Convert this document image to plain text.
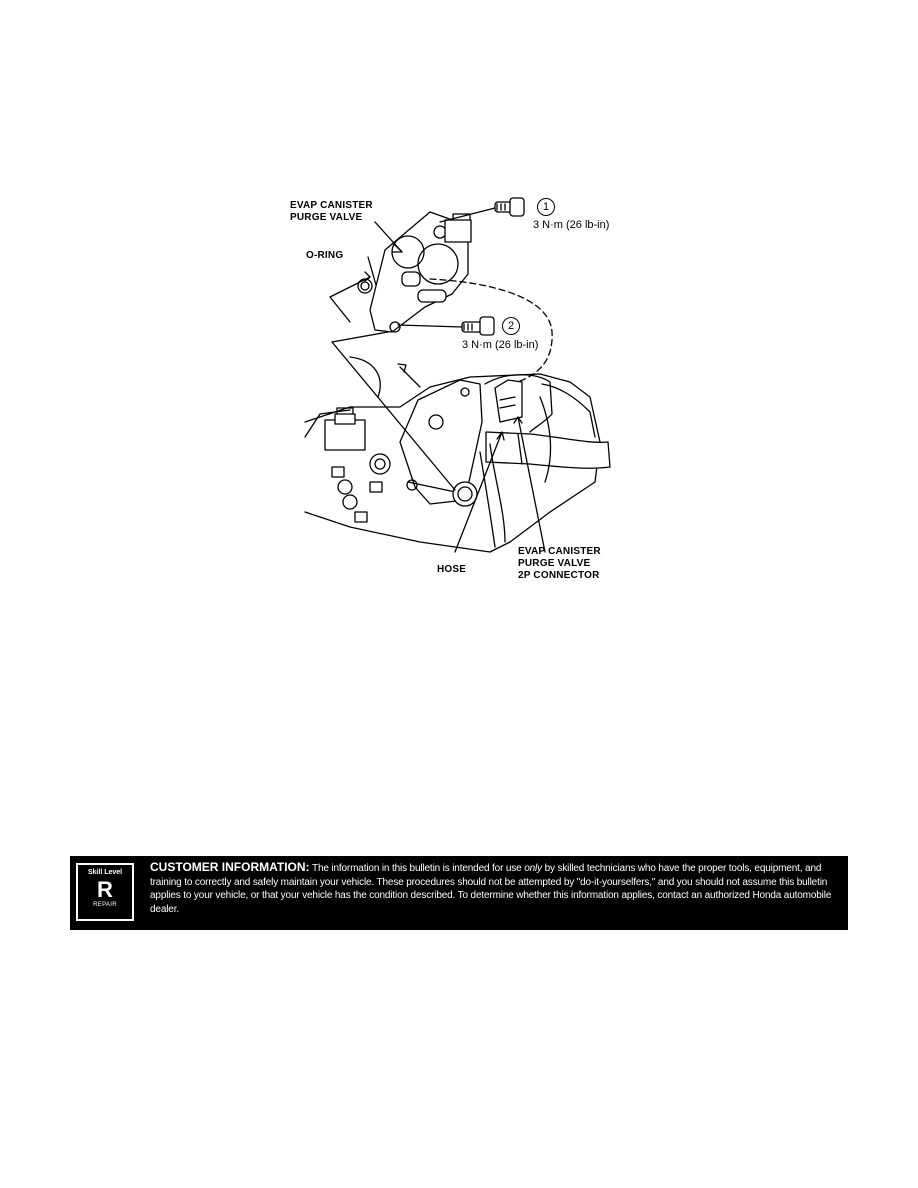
EVAP CANISTER
PURGE VALVE
O-RING
1
3 N·m (26 lb-in)
2
3 N·m (26 lb-in)
HOSE
EVAP CANISTER
PURGE VALVE
2P CONNECTOR
Skill Level
R
REPAIR
CUSTOMER INFORMATION: The information in this bulletin is intended for use only by skilled technicians who have the proper tools, equipment, and training to correctly and safely maintain your vehicle. These procedures should not be attempted by "do-it-yourselfers," and you should not assume this bulletin applies to your vehicle, or that your vehicle has the condition described. To determine whether this information applies, contact an authorized Honda automobile dealer.
